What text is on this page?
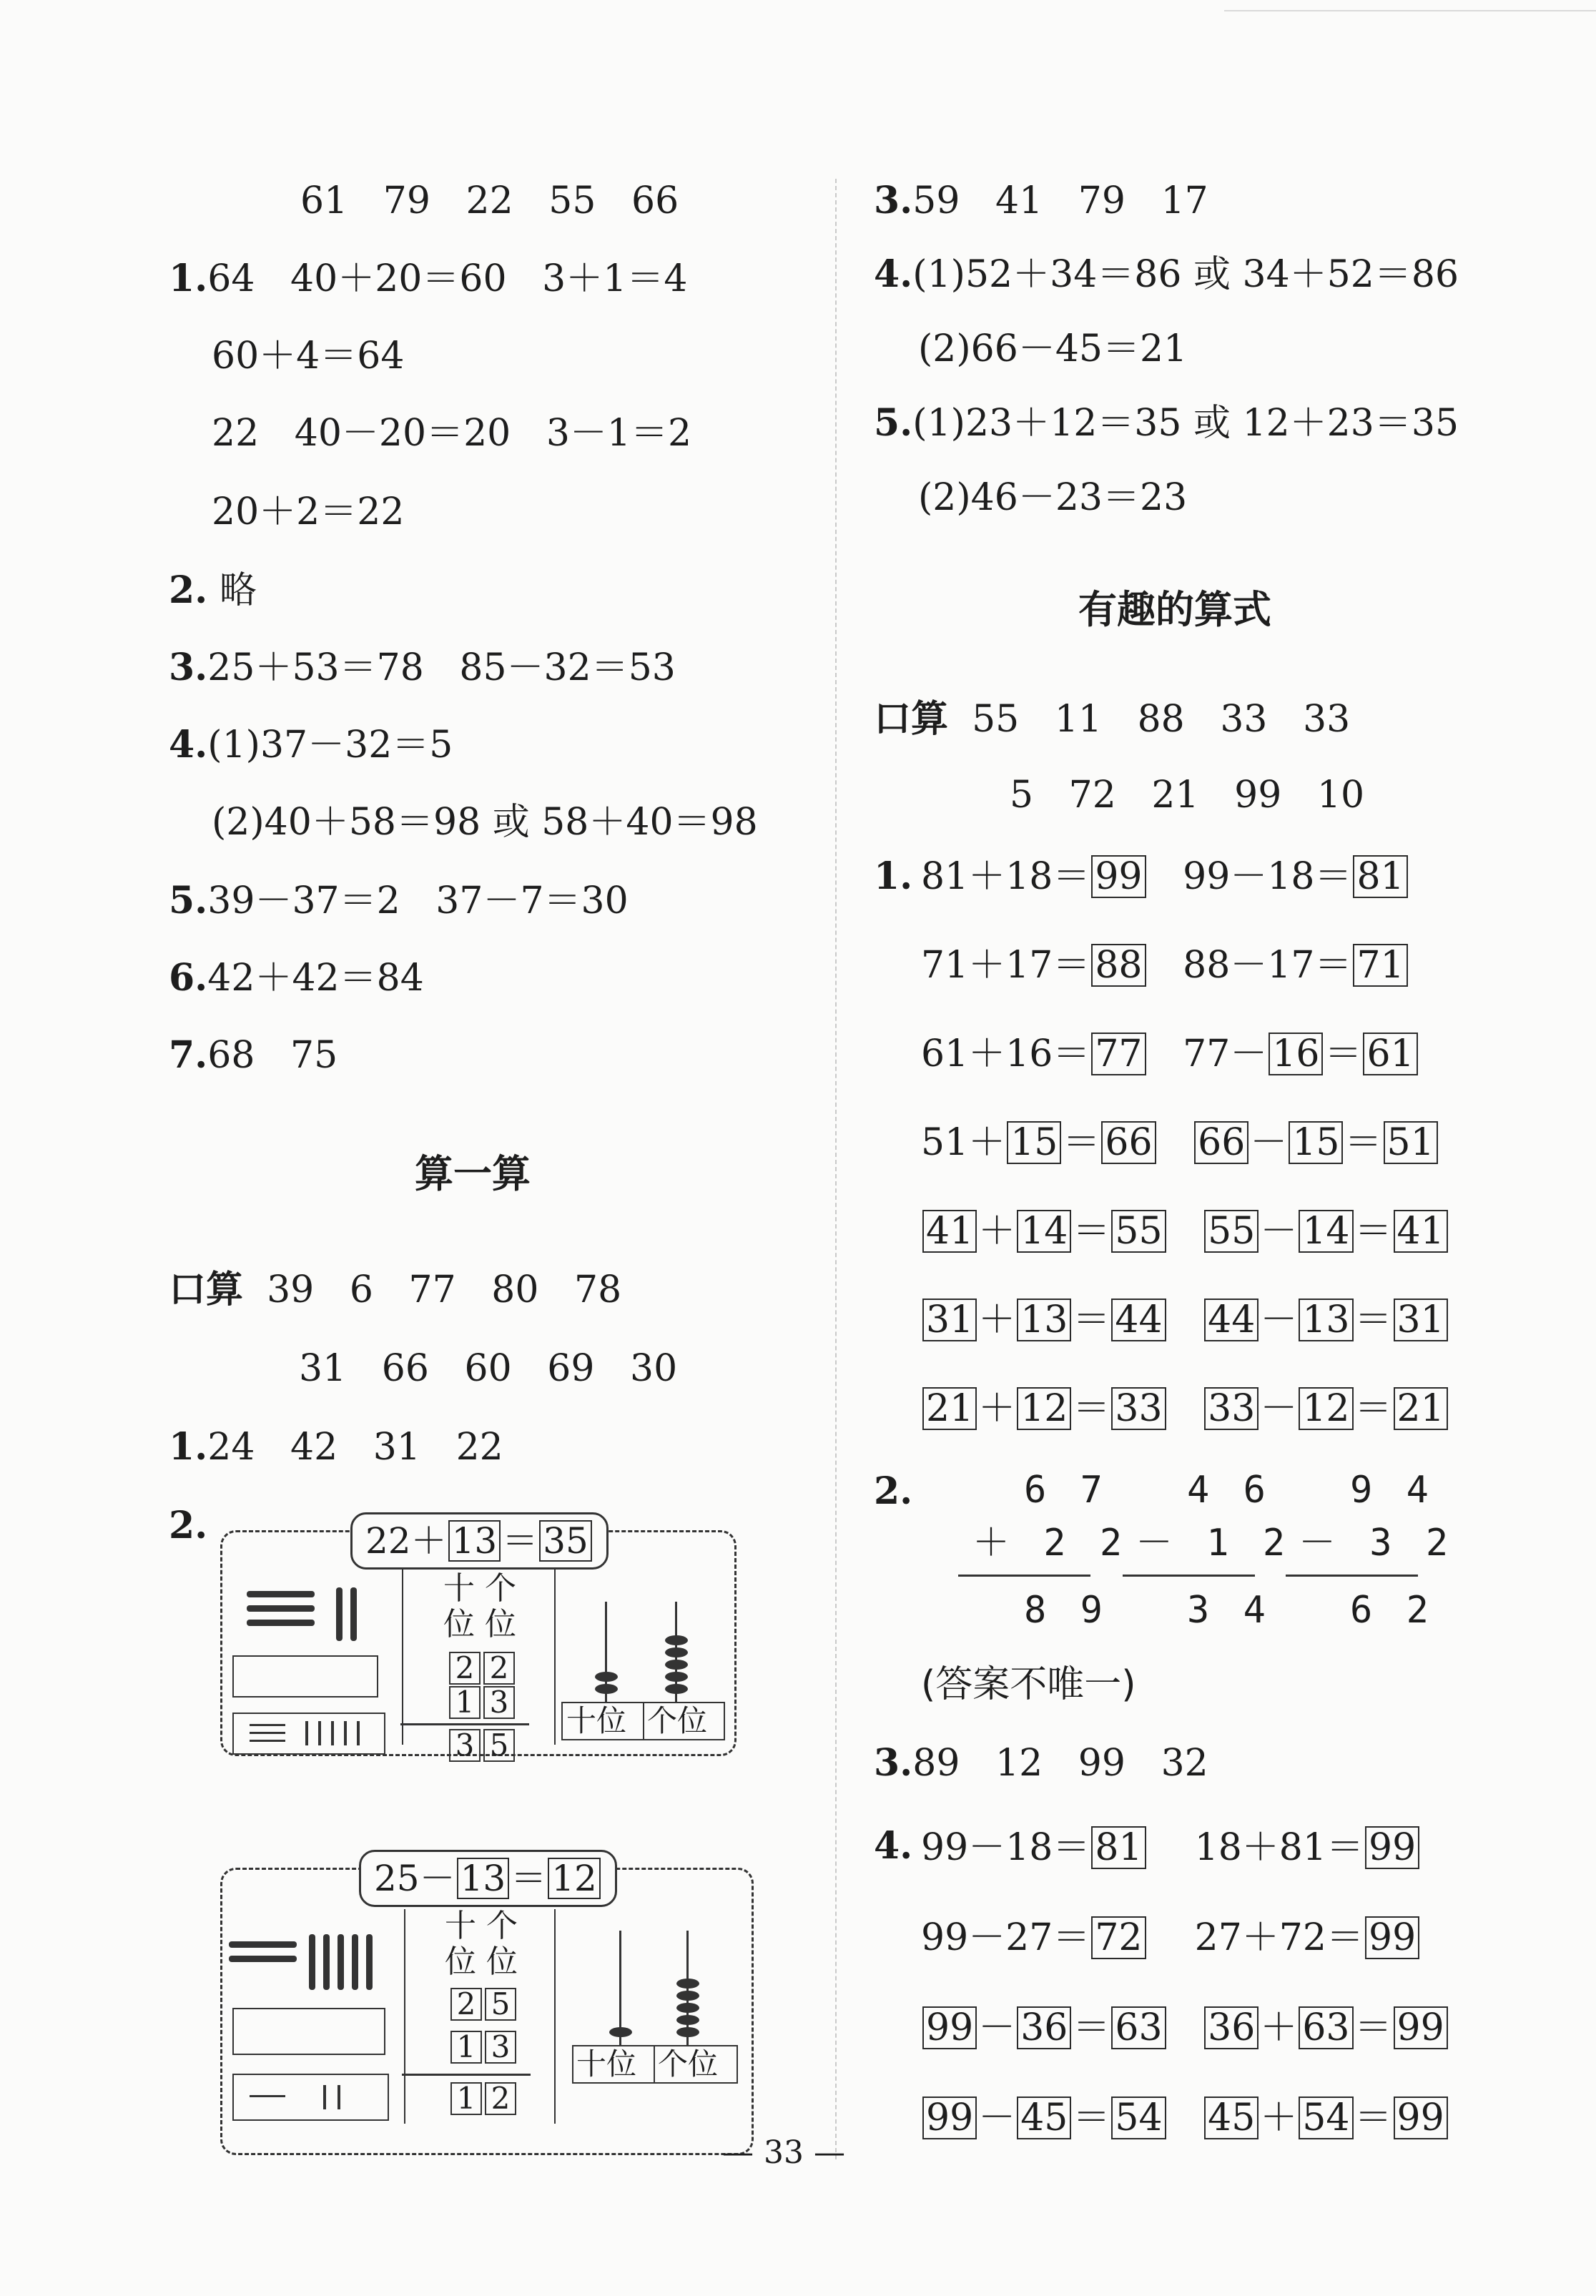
61   79   22   55   66
1.64   40＋20＝60   3＋1＝4
60＋4＝64
22   40－20＝20   3－1＝2
20＋2＝22
2. 略
3.25＋53＝78   85－32＝53
4.(1)37－32＝5
(2)40＋58＝98 或 58＋40＝98
5.39－37＝2   37－7＝30
6.42＋42＝84
7.68   75
算一算
口算 39   6   77   80   78
31   66   60   69   30
1.24   42   31   22
2.	22＋ 13 ＝ 35
十 个
位 位
2 2
1 3
3 5
十位 个位
25－ 13 ＝ 12
十 个
位 位
2 5
1 3
1 2
十位 个位
3.59   41   79   17
4.(1)52＋34＝86 或 34＋52＝86
(2)66－45＝21
5.(1)23＋12＝35 或 12＋23＝35
(2)46－23＝23
有趣的算式
口算 55   11   88   33   33
5   72   21   99   10
1. 81＋18＝ 99 99－18＝ 81
71＋17＝ 88 88－17＝ 71
61＋16＝ 77 77－ 16 ＝ 61
51＋ 15 ＝ 66 66 － 15 ＝ 51
41 ＋ 14 ＝ 55 55 － 14 ＝ 41
31 ＋ 13 ＝ 44 44 － 13 ＝ 31
21 ＋ 12 ＝ 33 33 － 12 ＝ 21
2.	6 7
＋ 2 2
8 9
4 6
－ 1 2
3 4
9 4
－ 3 2
6 2
(答案不唯一)
3.89   12   99   32
4. 99－18＝ 81 18＋81＝ 99
99－27＝ 72 27＋72＝ 99
99 － 36 ＝ 63 36 ＋ 63 ＝ 99
99 － 45 ＝ 54 45 ＋ 54 ＝ 99
— 33 —
